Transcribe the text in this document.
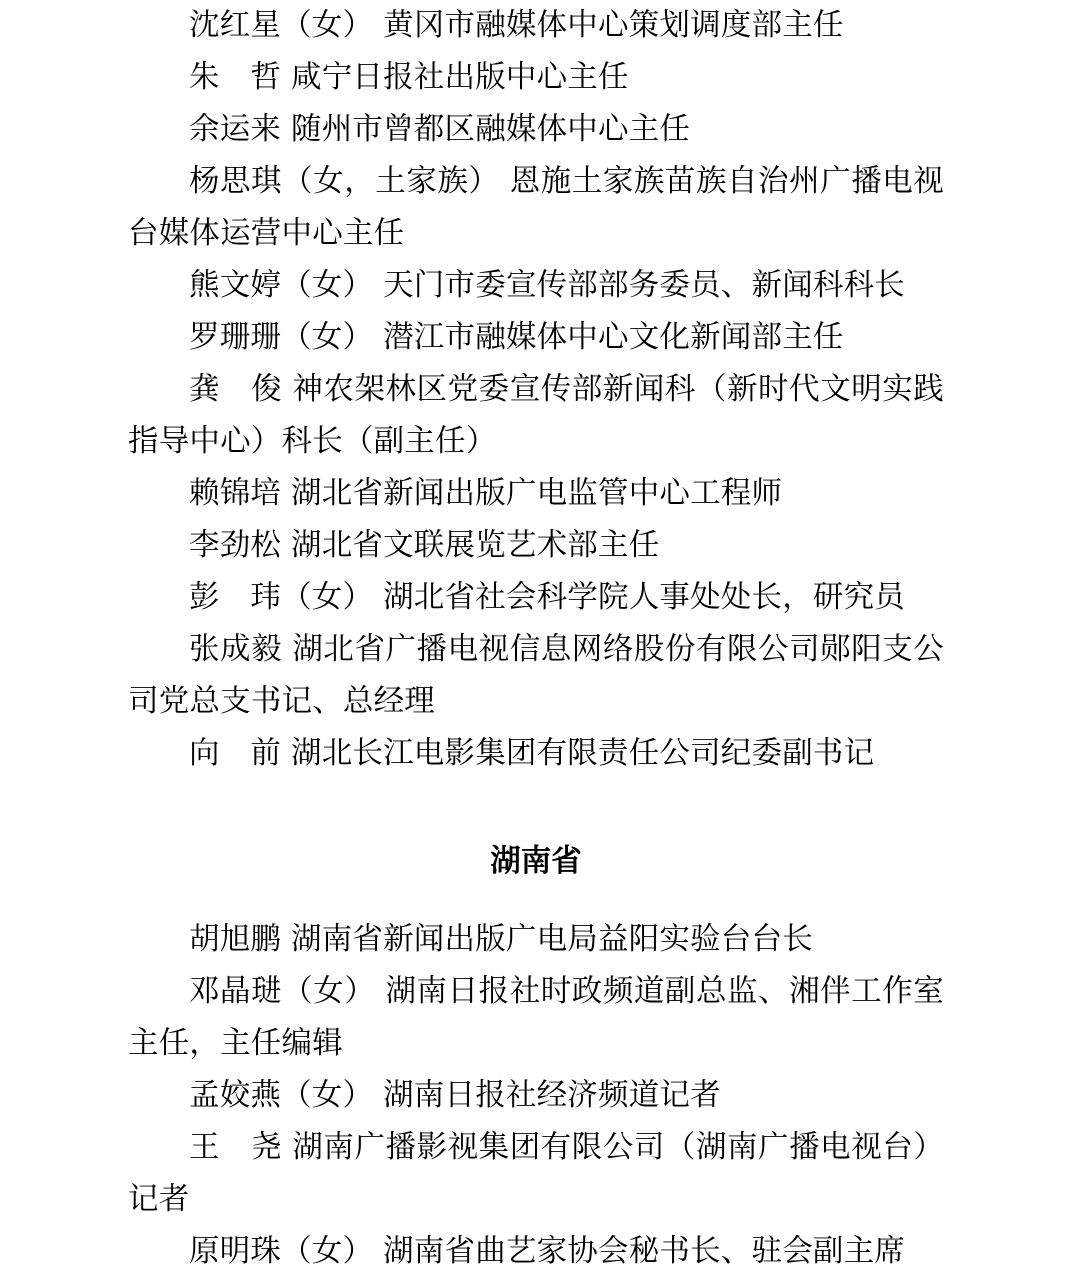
沈红星（女） 黄冈市融媒体中心策划调度部主任
朱　哲 咸宁日报社出版中心主任
余运来 随州市曾都区融媒体中心主任
杨思琪（女，土家族） 恩施土家族苗族自治州广播电视台媒体运营中心主任
熊文婷（女） 天门市委宣传部部务委员、新闻科科长
罗珊珊（女） 潜江市融媒体中心文化新闻部主任
龚　俊 神农架林区党委宣传部新闻科（新时代文明实践指导中心）科长（副主任）
赖锦培 湖北省新闻出版广电监管中心工程师
李劲松 湖北省文联展览艺术部主任
彭　玮（女） 湖北省社会科学院人事处处长，研究员
张成毅 湖北省广播电视信息网络股份有限公司郧阳支公司党总支书记、总经理
向　前 湖北长江电影集团有限责任公司纪委副书记
湖南省
胡旭鹏 湖南省新闻出版广电局益阳实验台台长
邓晶琎（女） 湖南日报社时政频道副总监、湘伴工作室主任，主任编辑
孟姣燕（女） 湖南日报社经济频道记者
王　尧 湖南广播影视集团有限公司（湖南广播电视台）记者
原明珠（女） 湖南省曲艺家协会秘书长、驻会副主席
